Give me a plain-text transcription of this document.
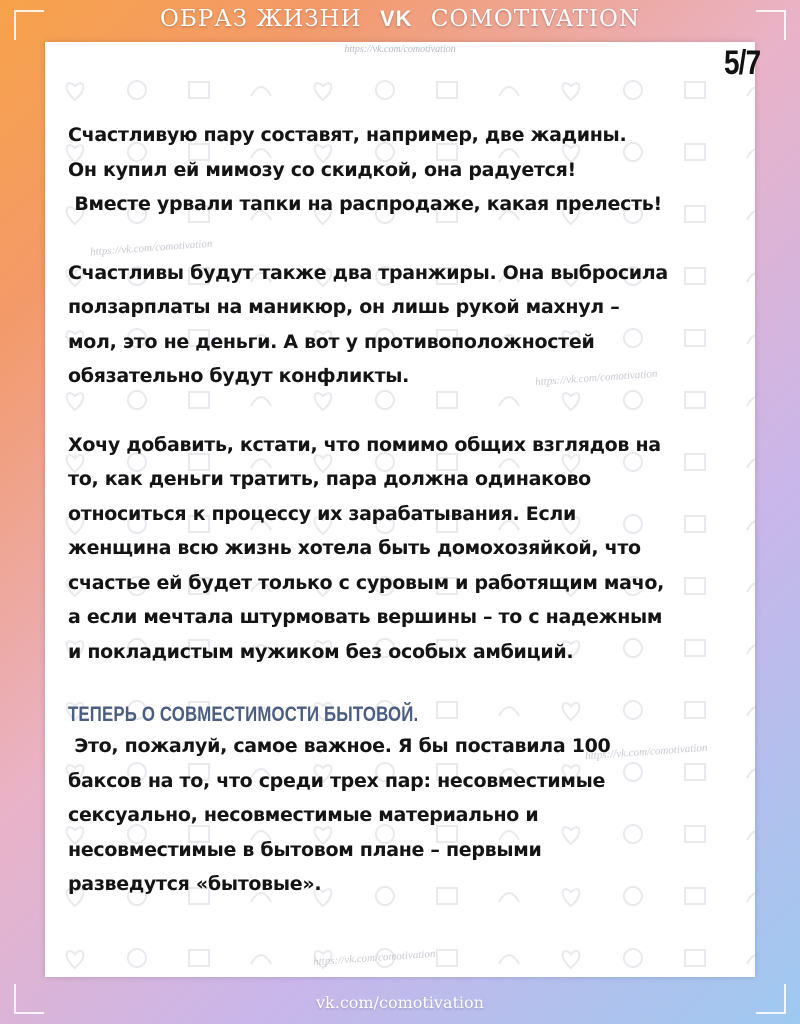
ОБРАЗ ЖИЗНИ VK COMOTIVATION
https://vk.com/comotivation
https://vk.com/comotivation
https://vk.com/comotivation
https://vk.com/comotivation
https://vk.com/comotivation	5/7

Счастливую пару составят, например, две жадины.
Он купил ей мимозу со скидкой, она радуется!
Вместе урвали тапки на распродаже, какая прелесть!

Счастливы будут также два транжиры. Она выбросила
ползарплаты на маникюр, он лишь рукой махнул –
мол, это не деньги. А вот у противоположностей
обязательно будут конфликты.

Хочу добавить, кстати, что помимо общих взглядов на
то, как деньги тратить, пара должна одинаково
относиться к процессу их зарабатывания. Если
женщина всю жизнь хотела быть домохозяйкой, что
счастье ей будет только с суровым и работящим мачо,
а если мечтала штурмовать вершины – то с надежным
и покладистым мужиком без особых амбиций.

ТЕПЕРЬ О СОВМЕСТИМОСТИ БЫТОВОЙ.

Это, пожалуй, самое важное. Я бы поставила 100
баксов на то, что среди трех пар: несовместимые
сексуально, несовместимые материально и
несовместимые в бытовом плане – первыми
разведутся «бытовые».

vk.com/comotivation
